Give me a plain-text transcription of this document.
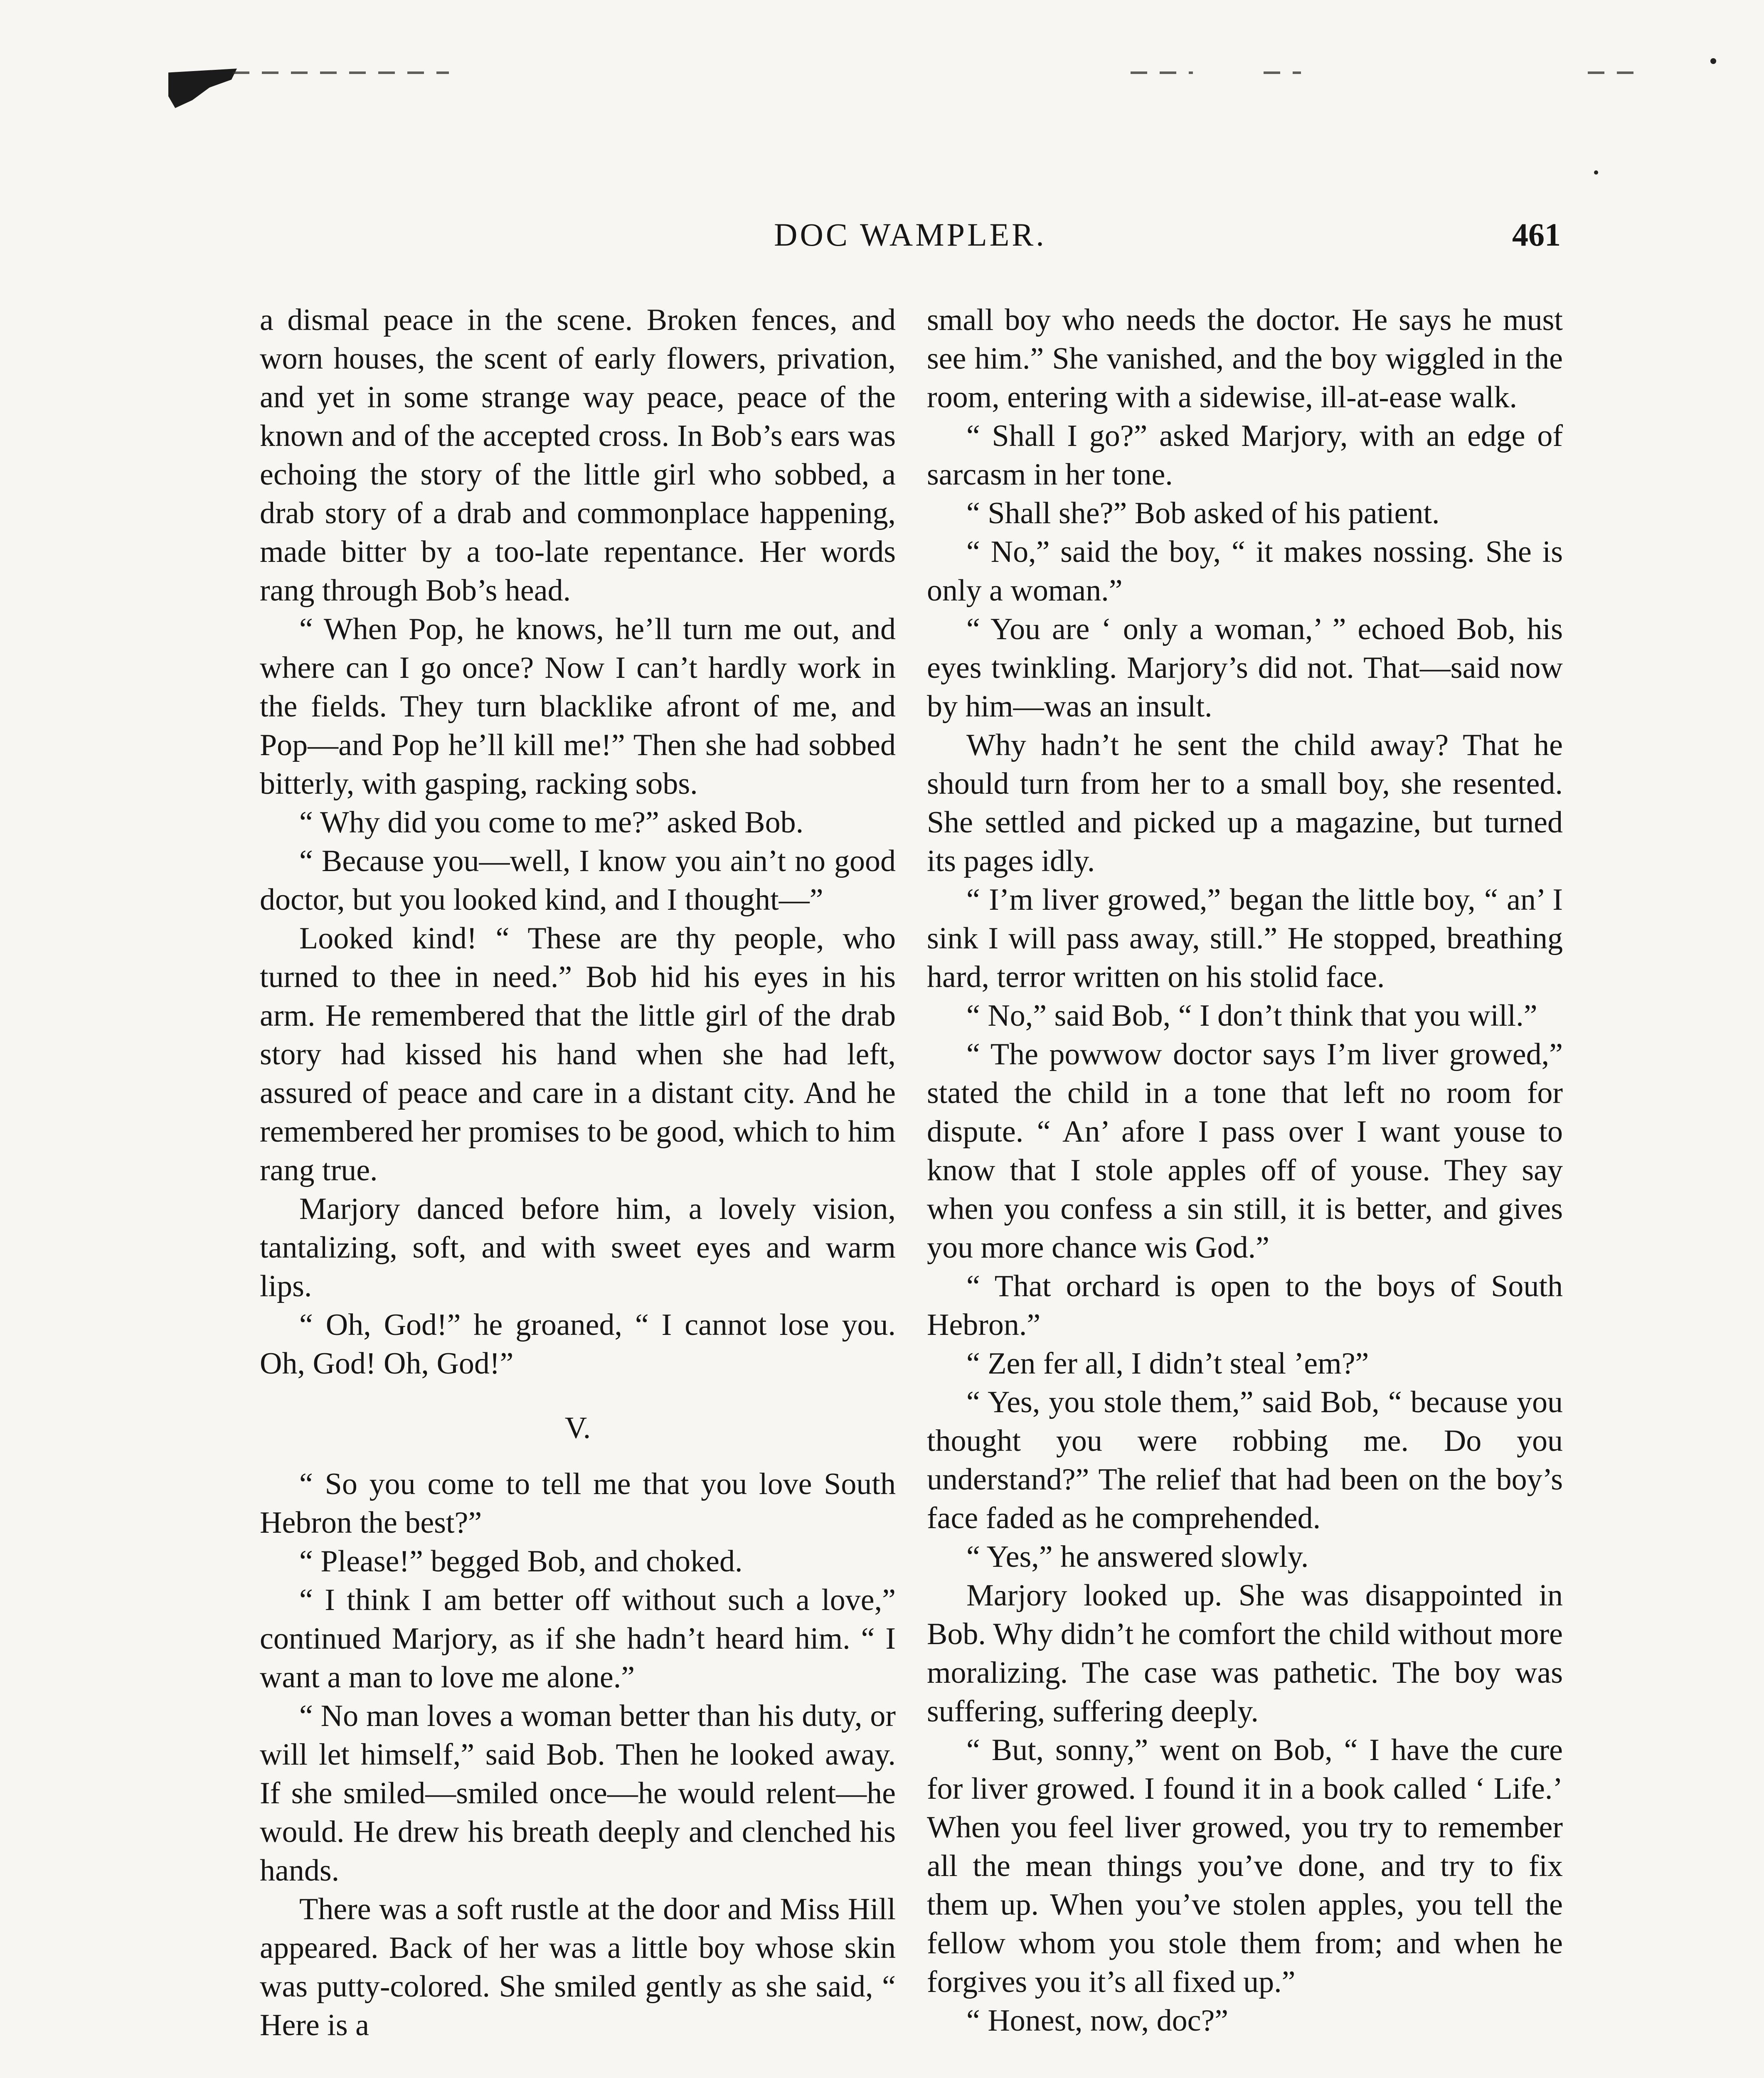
DOC WAMPLER.	461

a dismal peace in the scene. Broken fences, and worn houses, the scent of early flowers, privation, and yet in some strange way peace, peace of the known and of the accepted cross. In Bob’s ears was echoing the story of the little girl who sobbed, a drab story of a drab and commonplace happening, made bitter by a too-late repentance. Her words rang through Bob’s head.

“ When Pop, he knows, he’ll turn me out, and where can I go once? Now I can’t hardly work in the fields. They turn blacklike afront of me, and Pop—and Pop he’ll kill me!” Then she had sobbed bitterly, with gasping, racking sobs.

“ Why did you come to me?” asked Bob.

“ Because you—well, I know you ain’t no good doctor, but you looked kind, and I thought—”

Looked kind! “ These are thy people, who turned to thee in need.” Bob hid his eyes in his arm. He remembered that the little girl of the drab story had kissed his hand when she had left, assured of peace and care in a distant city. And he remembered her promises to be good, which to him rang true.

Marjory danced before him, a lovely vision, tantalizing, soft, and with sweet eyes and warm lips.

“ Oh, God!” he groaned, “ I cannot lose you. Oh, God! Oh, God!”

V.

“ So you come to tell me that you love South Hebron the best?”

“ Please!” begged Bob, and choked.

“ I think I am better off without such a love,” continued Marjory, as if she hadn’t heard him. “ I want a man to love me alone.”

“ No man loves a woman better than his duty, or will let himself,” said Bob. Then he looked away. If she smiled—smiled once—he would relent—he would. He drew his breath deeply and clenched his hands.

There was a soft rustle at the door and Miss Hill appeared. Back of her was a little boy whose skin was putty-colored. She smiled gently as she said, “ Here is a

small boy who needs the doctor. He says he must see him.” She vanished, and the boy wiggled in the room, entering with a sidewise, ill-at-ease walk.

“ Shall I go?” asked Marjory, with an edge of sarcasm in her tone.

“ Shall she?” Bob asked of his patient.

“ No,” said the boy, “ it makes nossing. She is only a woman.”

“ You are ‘ only a woman,’ ” echoed Bob, his eyes twinkling. Marjory’s did not. That—said now by him—was an insult.

Why hadn’t he sent the child away? That he should turn from her to a small boy, she resented. She settled and picked up a magazine, but turned its pages idly.

“ I’m liver growed,” began the little boy, “ an’ I sink I will pass away, still.” He stopped, breathing hard, terror written on his stolid face.

“ No,” said Bob, “ I don’t think that you will.”

“ The powwow doctor says I’m liver growed,” stated the child in a tone that left no room for dispute. “ An’ afore I pass over I want youse to know that I stole apples off of youse. They say when you confess a sin still, it is better, and gives you more chance wis God.”

“ That orchard is open to the boys of South Hebron.”

“ Zen fer all, I didn’t steal ’em?”

“ Yes, you stole them,” said Bob, “ because you thought you were robbing me. Do you understand?” The relief that had been on the boy’s face faded as he comprehended.

“ Yes,” he answered slowly.

Marjory looked up. She was disappointed in Bob. Why didn’t he comfort the child without more moralizing. The case was pathetic. The boy was suffering, suffering deeply.

“ But, sonny,” went on Bob, “ I have the cure for liver growed. I found it in a book called ‘ Life.’ When you feel liver growed, you try to remember all the mean things you’ve done, and try to fix them up. When you’ve stolen apples, you tell the fellow whom you stole them from; and when he forgives you it’s all fixed up.”

“ Honest, now, doc?”
